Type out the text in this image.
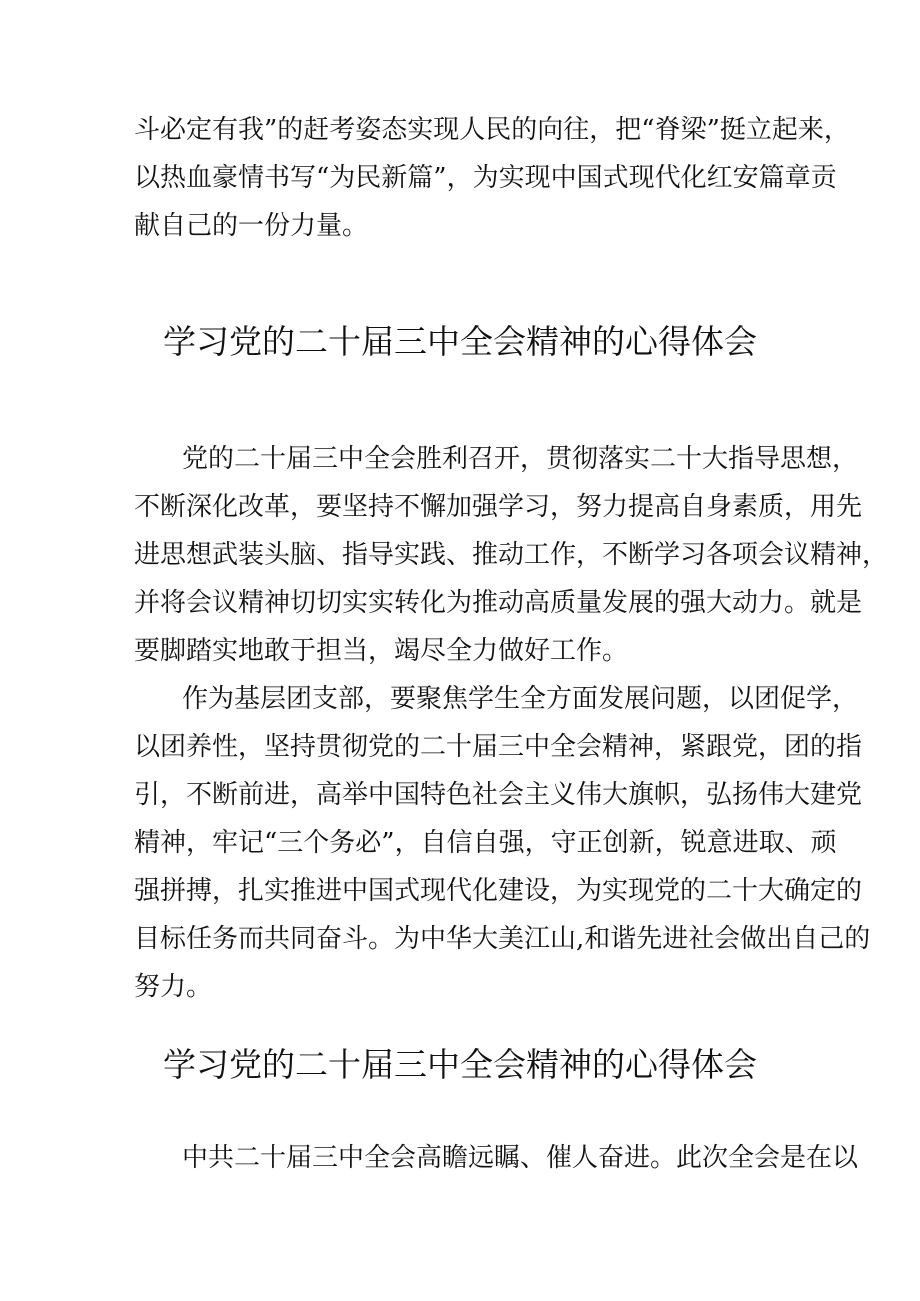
斗必定有我”的赶考姿态实现人民的向往，把“脊梁”挺立起来，
以热血豪情书写“为民新篇”，为实现中国式现代化红安篇章贡
献自己的一份力量。
学习党的二十届三中全会精神的心得体会
党的二十届三中全会胜利召开，贯彻落实二十大指导思想，
不断深化改革，要坚持不懈加强学习，努力提高自身素质，用先
进思想武装头脑、指导实践、推动工作，不断学习各项会议精神，
并将会议精神切切实实转化为推动高质量发展的强大动力。就是
要脚踏实地敢于担当，竭尽全力做好工作。
作为基层团支部，要聚焦学生全方面发展问题，以团促学，
以团养性，坚持贯彻党的二十届三中全会精神，紧跟党，团的指
引，不断前进，高举中国特色社会主义伟大旗帜，弘扬伟大建党
精神，牢记“三个务必”，自信自强，守正创新，锐意进取、顽
强拼搏，扎实推进中国式现代化建设，为实现党的二十大确定的
目标任务而共同奋斗。为中华大美江山,和谐先进社会做出自己的
努力。
学习党的二十届三中全会精神的心得体会
中共二十届三中全会高瞻远瞩、催人奋进。此次全会是在以
